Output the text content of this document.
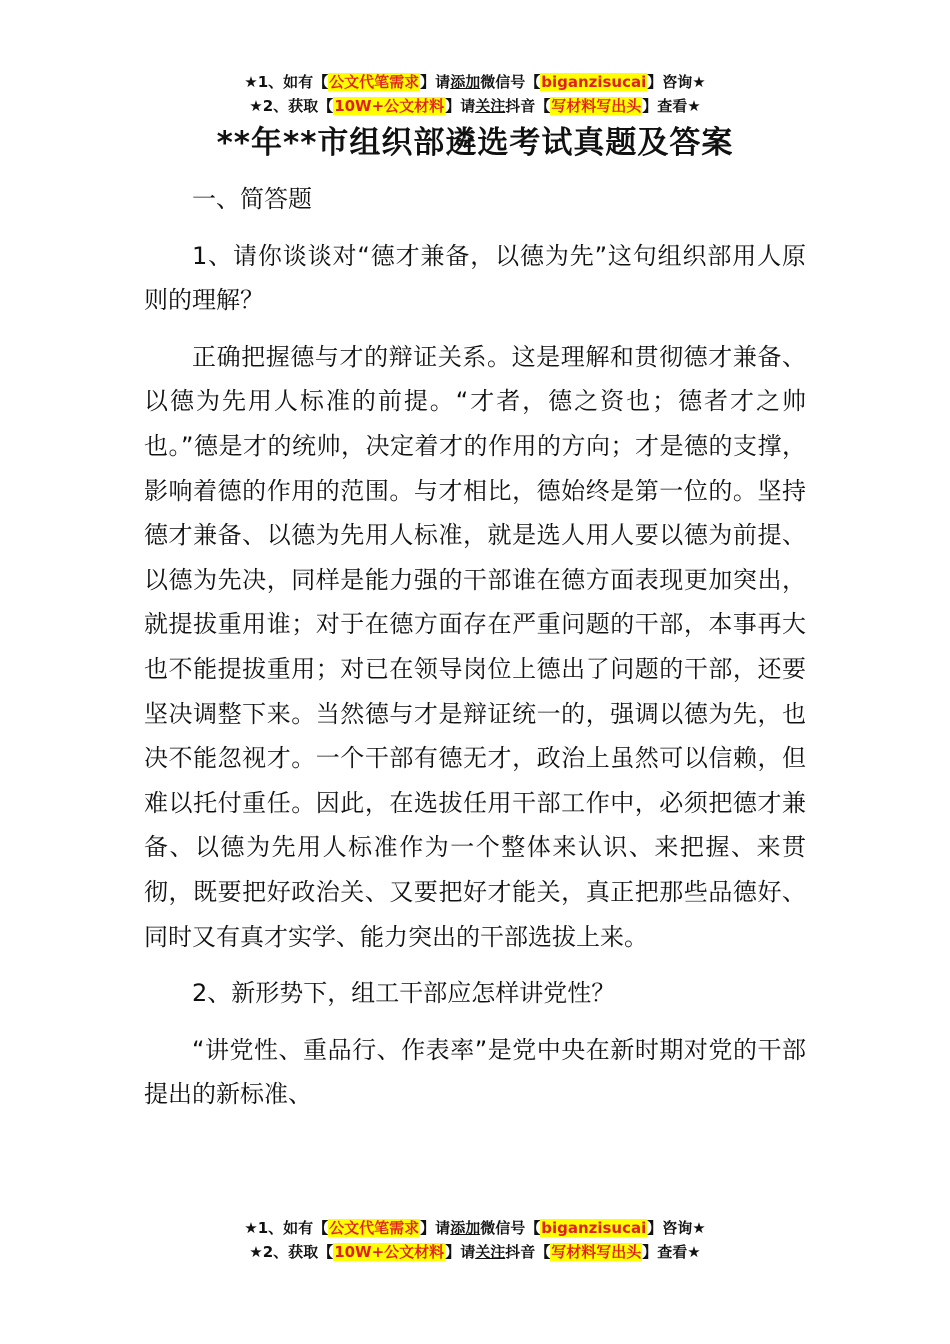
★1、如有【公文代笔需求】请添加微信号【biganzisucai】咨询★
★2、获取【10W+公文材料】请关注抖音【写材料写出头】查看★
**年**市组织部遴选考试真题及答案

一、简答题

1、请你谈谈对“德才兼备，以德为先”这句组织部用人原则的理解？

正确把握德与才的辩证关系。这是理解和贯彻德才兼备、以德为先用人标准的前提。“才者，德之资也；德者才之帅也。”德是才的统帅，决定着才的作用的方向；才是德的支撑，影响着德的作用的范围。与才相比，德始终是第一位的。坚持德才兼备、以德为先用人标准，就是选人用人要以德为前提、以德为先决，同样是能力强的干部谁在德方面表现更加突出，就提拔重用谁；对于在德方面存在严重问题的干部，本事再大也不能提拔重用；对已在领导岗位上德出了问题的干部，还要坚决调整下来。当然德与才是辩证统一的，强调以德为先，也决不能忽视才。一个干部有德无才，政治上虽然可以信赖，但难以托付重任。因此，在选拔任用干部工作中，必须把德才兼备、以德为先用人标准作为一个整体来认识、来把握、来贯彻，既要把好政治关、又要把好才能关，真正把那些品德好、同时又有真才实学、能力突出的干部选拔上来。

2、新形势下，组工干部应怎样讲党性？

“讲党性、重品行、作表率”是党中央在新时期对党的干部提出的新标准、

★1、如有【公文代笔需求】请添加微信号【biganzisucai】咨询★
★2、获取【10W+公文材料】请关注抖音【写材料写出头】查看★
